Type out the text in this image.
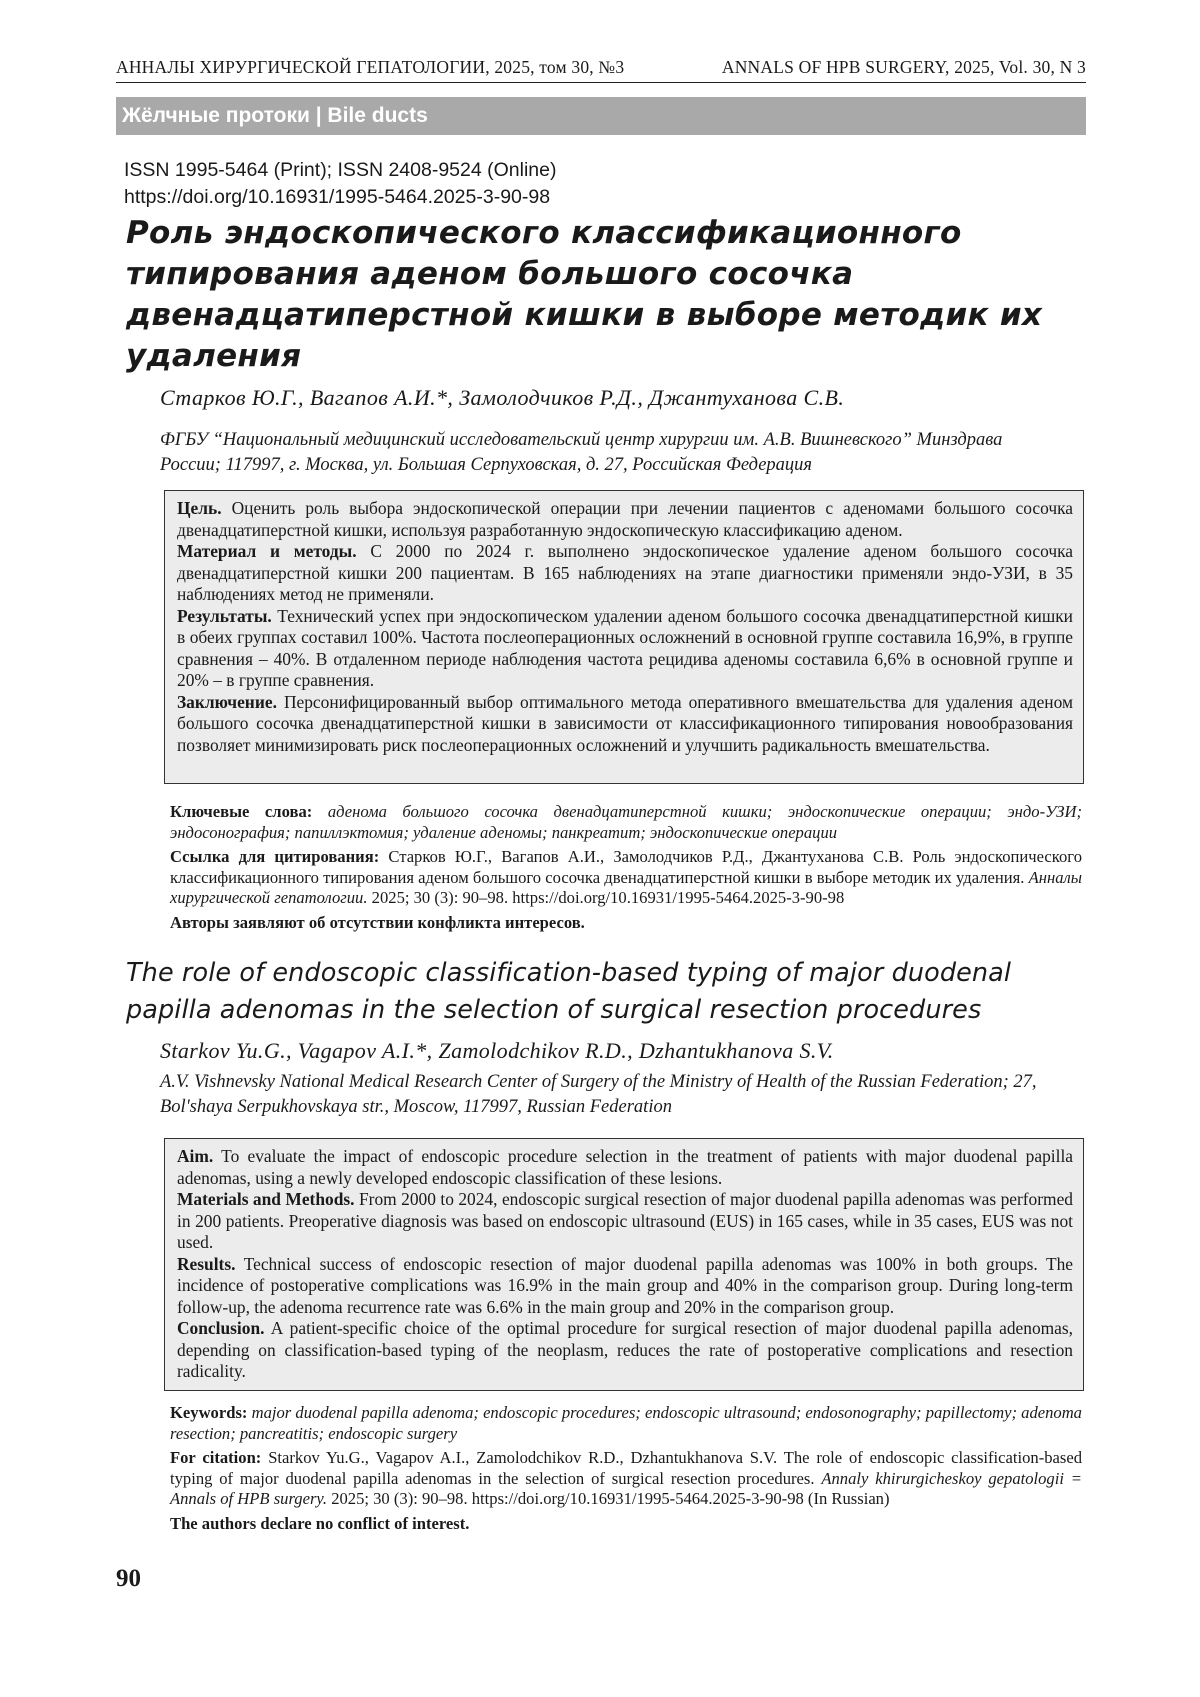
АННАЛЫ ХИРУРГИЧЕСКОЙ ГЕПАТОЛОГИИ, 2025, том 30, №3	ANNALS OF HPB SURGERY, 2025, Vol. 30, N 3
Жёлчные протоки | Bile ducts
ISSN 1995-5464 (Print); ISSN 2408-9524 (Online)
https://doi.org/10.16931/1995-5464.2025-3-90-98
Роль эндоскопического классификационного типирования аденом большого сосочка двенадцатиперстной кишки в выборе методик их удаления
Старков Ю.Г., Вагапов А.И.*, Замолодчиков Р.Д., Джантуханова С.В.
ФГБУ “Национальный медицинский исследовательский центр хирургии им. А.В. Вишневского” Минздрава России; 117997, г. Москва, ул. Большая Серпуховская, д. 27, Российская Федерация

Цель. Оценить роль выбора эндоскопической операции при лечении пациентов с аденомами большого сосочка двенадцатиперстной кишки, используя разработанную эндоскопическую классификацию аденом.

Материал и методы. С 2000 по 2024 г. выполнено эндоскопическое удаление аденом большого сосочка двенадцатиперстной кишки 200 пациентам. В 165 наблюдениях на этапе диагностики применяли эндо-УЗИ, в 35 наблюдениях метод не применяли.

Результаты. Технический успех при эндоскопическом удалении аденом большого сосочка двенадцатиперстной кишки в обеих группах составил 100%. Частота послеоперационных осложнений в основной группе составила 16,9%, в группе сравнения – 40%. В отдаленном периоде наблюдения частота рецидива аденомы составила 6,6% в основной группе и 20% – в группе сравнения.

Заключение. Персонифицированный выбор оптимального метода оперативного вмешательства для удаления аденом большого сосочка двенадцатиперстной кишки в зависимости от классификационного типирования новообразования позволяет минимизировать риск послеоперационных осложнений и улучшить радикальность вмешательства.

Ключевые слова: аденома большого сосочка двенадцатиперстной кишки; эндоскопические операции; эндо-УЗИ; эндосонография; папиллэктомия; удаление аденомы; панкреатит; эндоскопические операции

Ссылка для цитирования: Старков Ю.Г., Вагапов А.И., Замолодчиков Р.Д., Джантуханова С.В. Роль эндоскопического классификационного типирования аденом большого сосочка двенадцатиперстной кишки в выборе методик их удаления. Анналы хирургической гепатологии. 2025; 30 (3): 90–98. https://doi.org/10.16931/1995-5464.2025-3-90-98

Авторы заявляют об отсутствии конфликта интересов.

The role of endoscopic classification-based typing of major duodenal papilla adenomas in the selection of surgical resection procedures
Starkov Yu.G., Vagapov A.I.*, Zamolodchikov R.D., Dzhantukhanova S.V.
A.V. Vishnevsky National Medical Research Center of Surgery of the Ministry of Health of the Russian Federation; 27, Bol'shaya Serpukhovskaya str., Moscow, 117997, Russian Federation

Aim. To evaluate the impact of endoscopic procedure selection in the treatment of patients with major duodenal papilla adenomas, using a newly developed endoscopic classification of these lesions.

Materials and Methods. From 2000 to 2024, endoscopic surgical resection of major duodenal papilla adenomas was performed in 200 patients. Preoperative diagnosis was based on endoscopic ultrasound (EUS) in 165 cases, while in 35 cases, EUS was not used.

Results. Technical success of endoscopic resection of major duodenal papilla adenomas was 100% in both groups. The incidence of postoperative complications was 16.9% in the main group and 40% in the comparison group. During long-term follow-up, the adenoma recurrence rate was 6.6% in the main group and 20% in the comparison group.

Conclusion. A patient-specific choice of the optimal procedure for surgical resection of major duodenal papilla adenomas, depending on classification-based typing of the neoplasm, reduces the rate of postoperative complications and resection radicality.

Keywords: major duodenal papilla adenoma; endoscopic procedures; endoscopic ultrasound; endosonography; papillectomy; adenoma resection; pancreatitis; endoscopic surgery

For citation: Starkov Yu.G., Vagapov A.I., Zamolodchikov R.D., Dzhantukhanova S.V. The role of endoscopic classification-based typing of major duodenal papilla adenomas in the selection of surgical resection procedures. Annaly khirurgicheskoy gepatologii = Annals of HPB surgery. 2025; 30 (3): 90–98. https://doi.org/10.16931/1995-5464.2025-3-90-98 (In Russian)

The authors declare no conflict of interest.

90
